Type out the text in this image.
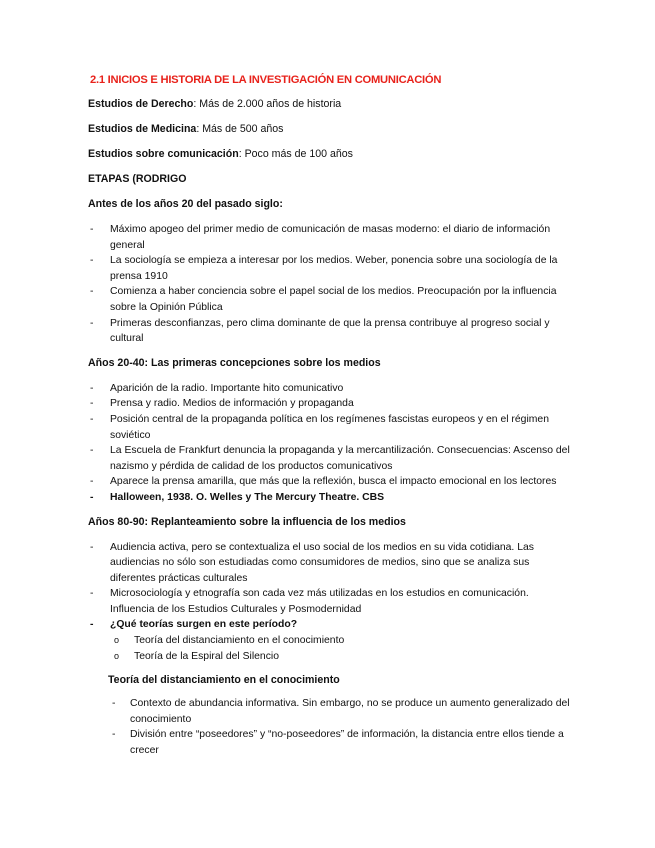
2.1 INICIOS E HISTORIA DE LA INVESTIGACIÓN EN COMUNICACIÓN

Estudios de Derecho: Más de 2.000 años de historia

Estudios de Medicina: Más de 500 años

Estudios sobre comunicación: Poco más de 100 años

ETAPAS (RODRIGO
Antes de los años 20 del pasado siglo:
- Máximo apogeo del primer medio de comunicación de masas moderno: el diario de información general
- La sociología se empieza a interesar por los medios. Weber, ponencia sobre una sociología de la prensa 1910
- Comienza a haber conciencia sobre el papel social de los medios. Preocupación por la influencia sobre la Opinión Pública
- Primeras desconfianzas, pero clima dominante de que la prensa contribuye al progreso social y cultural
Años 20-40: Las primeras concepciones sobre los medios
- Aparición de la radio. Importante hito comunicativo
- Prensa y radio. Medios de información y propaganda
- Posición central de la propaganda política en los regímenes fascistas europeos y en el régimen soviético
- La Escuela de Frankfurt denuncia la propaganda y la mercantilización. Consecuencias: Ascenso del nazismo y pérdida de calidad de los productos comunicativos
- Aparece la prensa amarilla, que más que la reflexión, busca el impacto emocional en los lectores
- Halloween, 1938. O. Welles y The Mercury Theatre. CBS
Años 80-90: Replanteamiento sobre la influencia de los medios
- Audiencia activa, pero se contextualiza el uso social de los medios en su vida cotidiana. Las audiencias no sólo son estudiadas como consumidores de medios, sino que se analiza sus diferentes prácticas culturales
- Microsociología y etnografía son cada vez más utilizadas en los estudios en comunicación. Influencia de los Estudios Culturales y Posmodernidad
- ¿Qué teorías surgen en este período?
o Teoría del distanciamiento en el conocimiento
o Teoría de la Espiral del Silencio
Teoría del distanciamiento en el conocimiento
- Contexto de abundancia informativa. Sin embargo, no se produce un aumento generalizado del conocimiento
- División entre “poseedores” y “no-poseedores” de información, la distancia entre ellos tiende a crecer
